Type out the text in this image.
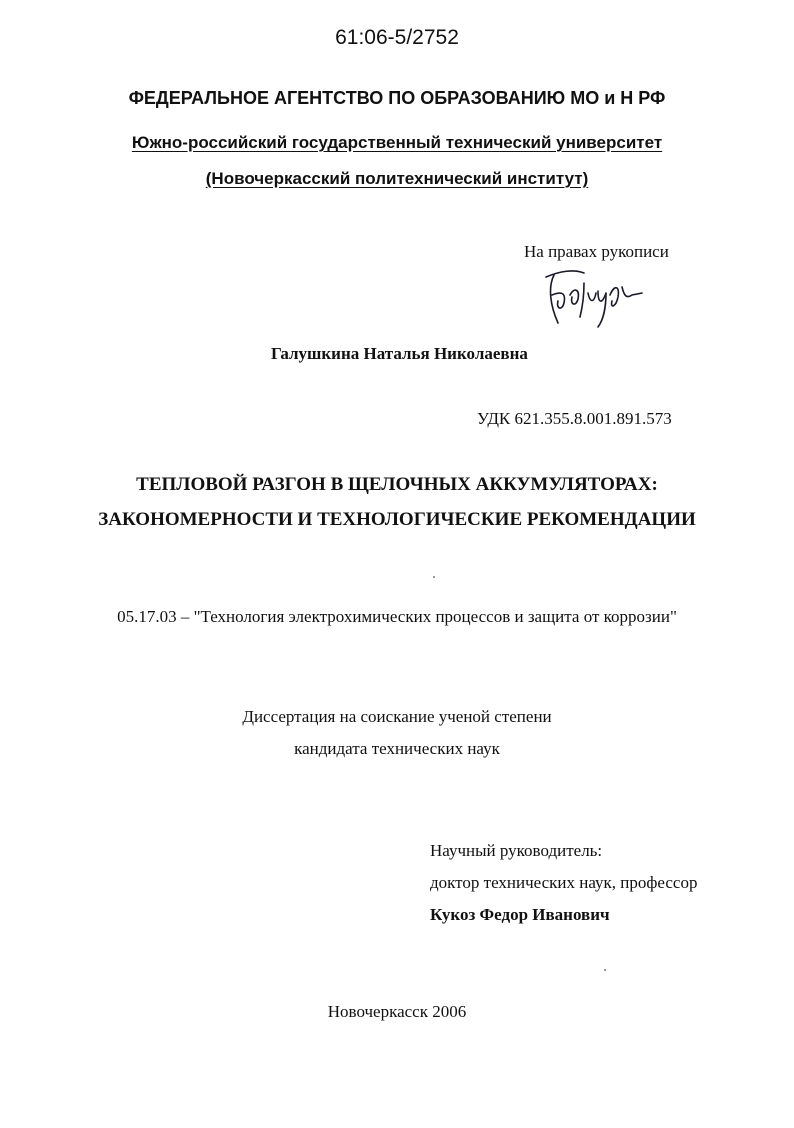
61:06-5/2752
ФЕДЕРАЛЬНОЕ АГЕНТСТВО ПО ОБРАЗОВАНИЮ МО и Н РФ
Южно-российский государственный технический университет
(Новочеркасский политехнический институт)
На правах рукописи
Галушкина Наталья Николаевна
УДК 621.355.8.001.891.573
ТЕПЛОВОЙ РАЗГОН В ЩЕЛОЧНЫХ АККУМУЛЯТОРАХ:
ЗАКОНОМЕРНОСТИ И ТЕХНОЛОГИЧЕСКИЕ РЕКОМЕНДАЦИИ
05.17.03 – "Технология электрохимических процессов и защита от коррозии"
Диссертация на соискание ученой степени
кандидата технических наук
Научный руководитель:
доктор технических наук, профессор
Кукоз Федор Иванович
Новочеркасск 2006
